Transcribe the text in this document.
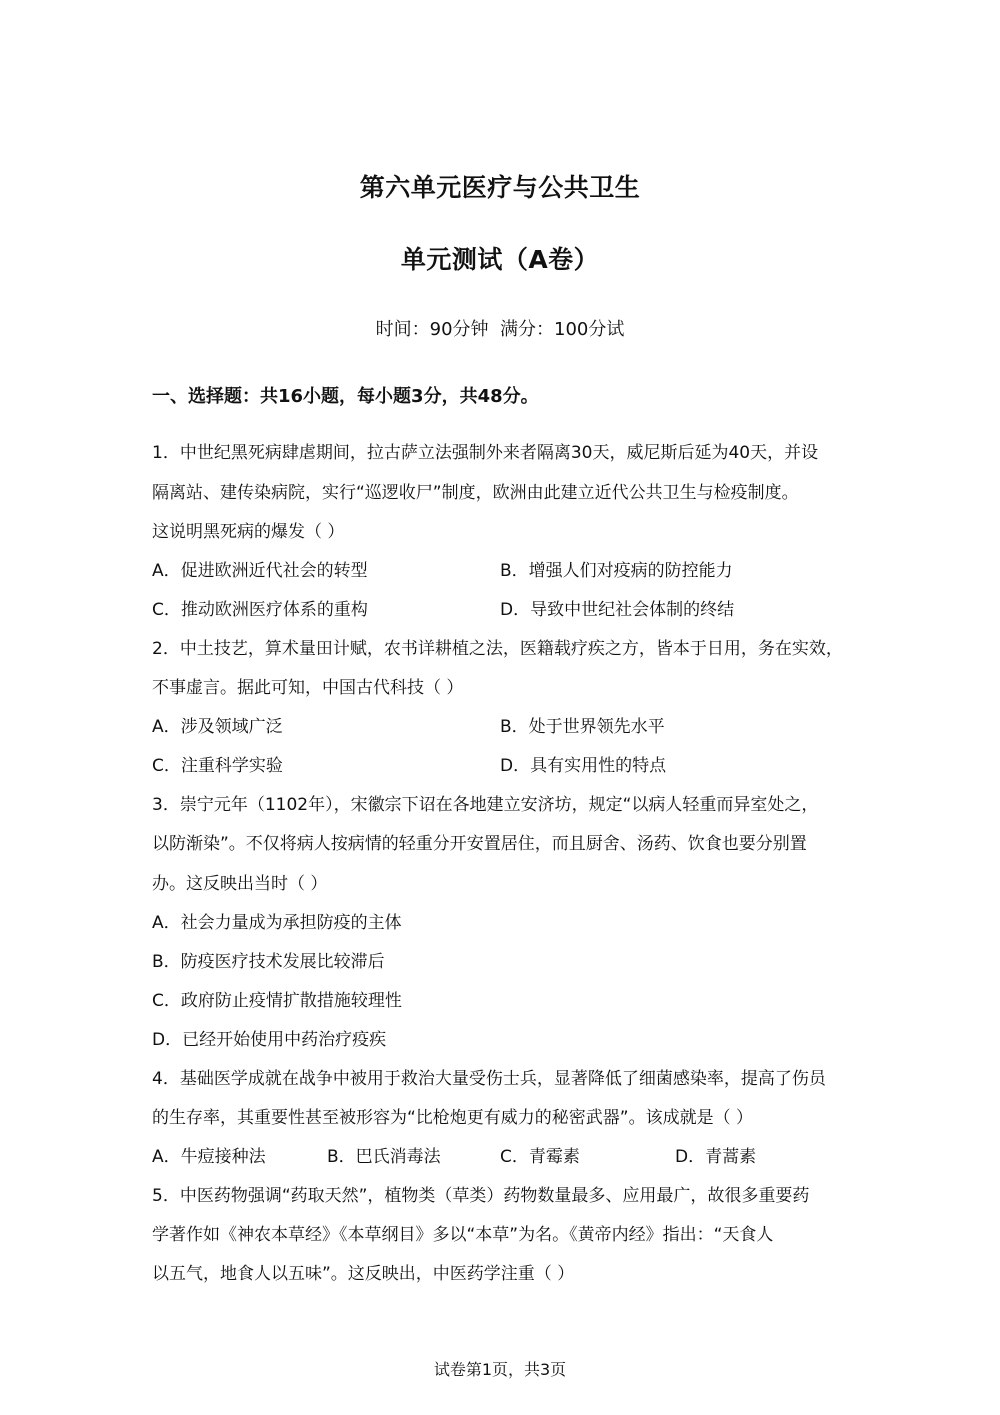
第六单元医疗与公共卫生
单元测试（A卷）
时间：90分钟 满分：100分试
一、选择题：共16小题，每小题3分，共48分。
1．中世纪黑死病肆虐期间，拉古萨立法强制外来者隔离30天，威尼斯后延为40天，并设
隔离站、建传染病院，实行“巡逻收尸”制度，欧洲由此建立近代公共卫生与检疫制度。
这说明黑死病的爆发（ ）
A．促进欧洲近代社会的转型	B．增强人们对疫病的防控能力
C．推动欧洲医疗体系的重构	D．导致中世纪社会体制的终结
2．中土技艺，算术量田计赋，农书详耕植之法，医籍载疗疾之方，皆本于日用，务在实效，
不事虚言。据此可知，中国古代科技（ ）
A．涉及领域广泛	B．处于世界领先水平
C．注重科学实验	D．具有实用性的特点
3．崇宁元年（1102年），宋徽宗下诏在各地建立安济坊，规定“以病人轻重而异室处之，
以防渐染”。不仅将病人按病情的轻重分开安置居住，而且厨舍、汤药、饮食也要分别置
办。这反映出当时（ ）
A．社会力量成为承担防疫的主体
B．防疫医疗技术发展比较滞后
C．政府防止疫情扩散措施较理性
D．已经开始使用中药治疗疫疾
4．基础医学成就在战争中被用于救治大量受伤士兵，显著降低了细菌感染率，提高了伤员
的生存率，其重要性甚至被形容为“比枪炮更有威力的秘密武器”。该成就是（ ）
A．牛痘接种法	B．巴氏消毒法	C．青霉素	D．青蒿素
5．中医药物强调“药取天然”，植物类（草类）药物数量最多、应用最广，故很多重要药
学著作如《神农本草经》《本草纲目》多以“本草”为名。《黄帝内经》指出：“天食人
以五气，地食人以五味”。这反映出，中医药学注重（ ）
试卷第1页，共3页
